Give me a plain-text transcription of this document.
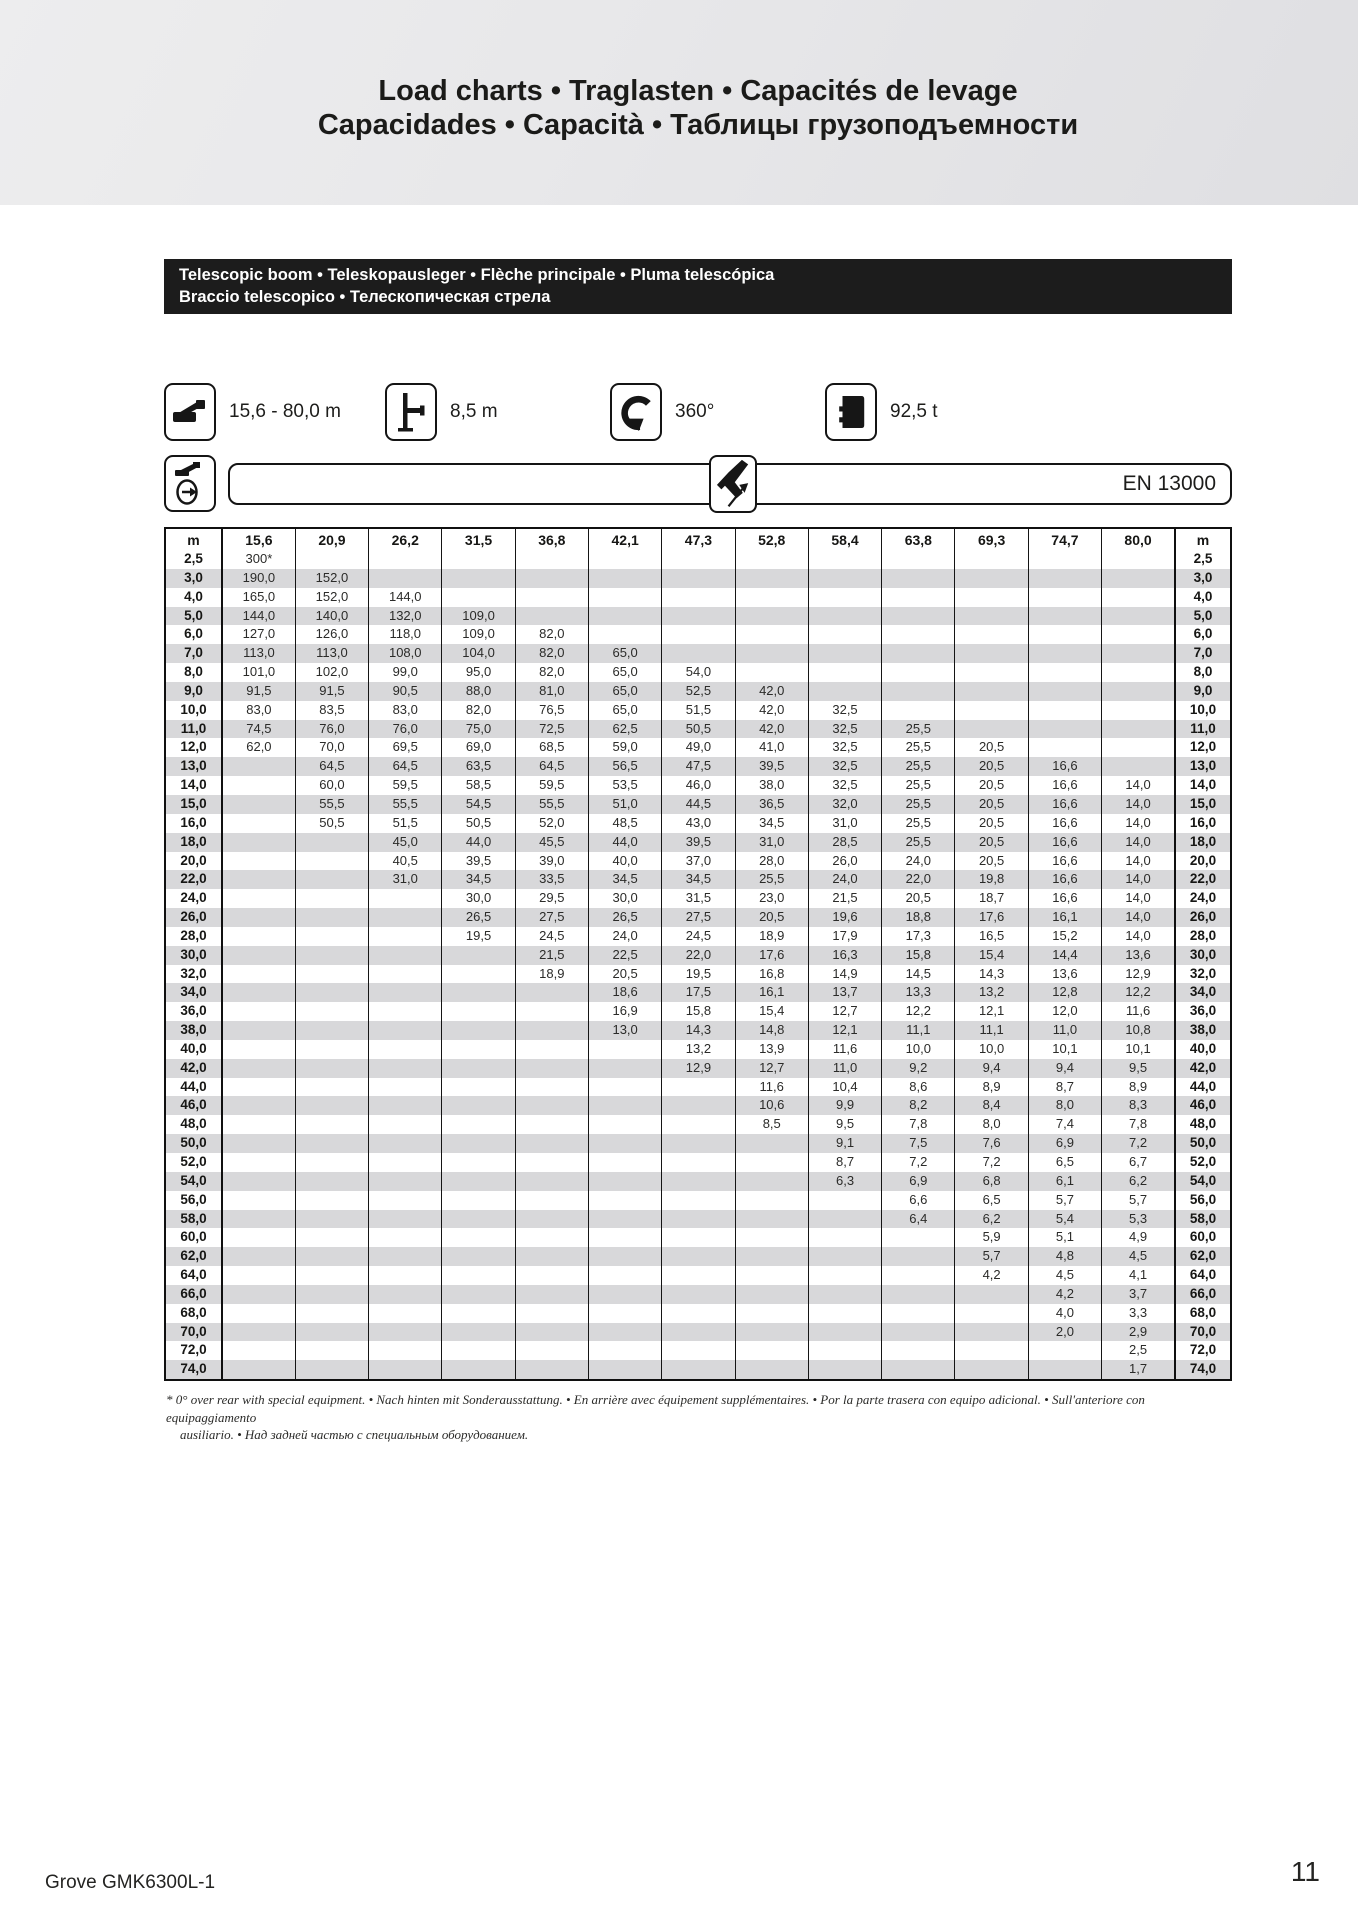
Load charts • Traglasten • Capacités de levage
Capacidades • Capacità • Таблицы грузоподъемности
Telescopic boom • Teleskopausleger • Flèche principale • Pluma telescópica
Braccio telescopico • Телескопическая стрела
15,6 - 80,0 m	8,5 m	360°	92,5 t
EN 13000
m	15,6	20,9	26,2	31,5	36,8	42,1	47,3	52,8	58,4	63,8	69,3	74,7	80,0	m
2,5	300*													2,5
3,0	190,0	152,0												3,0
4,0	165,0	152,0	144,0											4,0
5,0	144,0	140,0	132,0	109,0										5,0
6,0	127,0	126,0	118,0	109,0	82,0									6,0
7,0	113,0	113,0	108,0	104,0	82,0	65,0								7,0
8,0	101,0	102,0	99,0	95,0	82,0	65,0	54,0							8,0
9,0	91,5	91,5	90,5	88,0	81,0	65,0	52,5	42,0						9,0
10,0	83,0	83,5	83,0	82,0	76,5	65,0	51,5	42,0	32,5					10,0
11,0	74,5	76,0	76,0	75,0	72,5	62,5	50,5	42,0	32,5	25,5				11,0
12,0	62,0	70,0	69,5	69,0	68,5	59,0	49,0	41,0	32,5	25,5	20,5			12,0
13,0		64,5	64,5	63,5	64,5	56,5	47,5	39,5	32,5	25,5	20,5	16,6		13,0
14,0		60,0	59,5	58,5	59,5	53,5	46,0	38,0	32,5	25,5	20,5	16,6	14,0	14,0
15,0		55,5	55,5	54,5	55,5	51,0	44,5	36,5	32,0	25,5	20,5	16,6	14,0	15,0
16,0		50,5	51,5	50,5	52,0	48,5	43,0	34,5	31,0	25,5	20,5	16,6	14,0	16,0
18,0			45,0	44,0	45,5	44,0	39,5	31,0	28,5	25,5	20,5	16,6	14,0	18,0
20,0			40,5	39,5	39,0	40,0	37,0	28,0	26,0	24,0	20,5	16,6	14,0	20,0
22,0			31,0	34,5	33,5	34,5	34,5	25,5	24,0	22,0	19,8	16,6	14,0	22,0
24,0				30,0	29,5	30,0	31,5	23,0	21,5	20,5	18,7	16,6	14,0	24,0
26,0				26,5	27,5	26,5	27,5	20,5	19,6	18,8	17,6	16,1	14,0	26,0
28,0				19,5	24,5	24,0	24,5	18,9	17,9	17,3	16,5	15,2	14,0	28,0
30,0					21,5	22,5	22,0	17,6	16,3	15,8	15,4	14,4	13,6	30,0
32,0					18,9	20,5	19,5	16,8	14,9	14,5	14,3	13,6	12,9	32,0
34,0						18,6	17,5	16,1	13,7	13,3	13,2	12,8	12,2	34,0
36,0						16,9	15,8	15,4	12,7	12,2	12,1	12,0	11,6	36,0
38,0						13,0	14,3	14,8	12,1	11,1	11,1	11,0	10,8	38,0
40,0							13,2	13,9	11,6	10,0	10,0	10,1	10,1	40,0
42,0							12,9	12,7	11,0	9,2	9,4	9,4	9,5	42,0
44,0								11,6	10,4	8,6	8,9	8,7	8,9	44,0
46,0								10,6	9,9	8,2	8,4	8,0	8,3	46,0
48,0								8,5	9,5	7,8	8,0	7,4	7,8	48,0
50,0									9,1	7,5	7,6	6,9	7,2	50,0
52,0									8,7	7,2	7,2	6,5	6,7	52,0
54,0									6,3	6,9	6,8	6,1	6,2	54,0
56,0										6,6	6,5	5,7	5,7	56,0
58,0										6,4	6,2	5,4	5,3	58,0
60,0											5,9	5,1	4,9	60,0
62,0											5,7	4,8	4,5	62,0
64,0											4,2	4,5	4,1	64,0
66,0												4,2	3,7	66,0
68,0												4,0	3,3	68,0
70,0												2,0	2,9	70,0
72,0													2,5	72,0
74,0													1,7	74,0
* 0° over rear with special equipment. • Nach hinten mit Sonderausstattung. • En arrière avec équipement supplémentaires. • Por la parte trasera con equipo adicional. • Sull'anteriore con equipaggiamento
ausiliario. • Над задней частью с специальным оборудованием.
Grove GMK6300L-1	11
